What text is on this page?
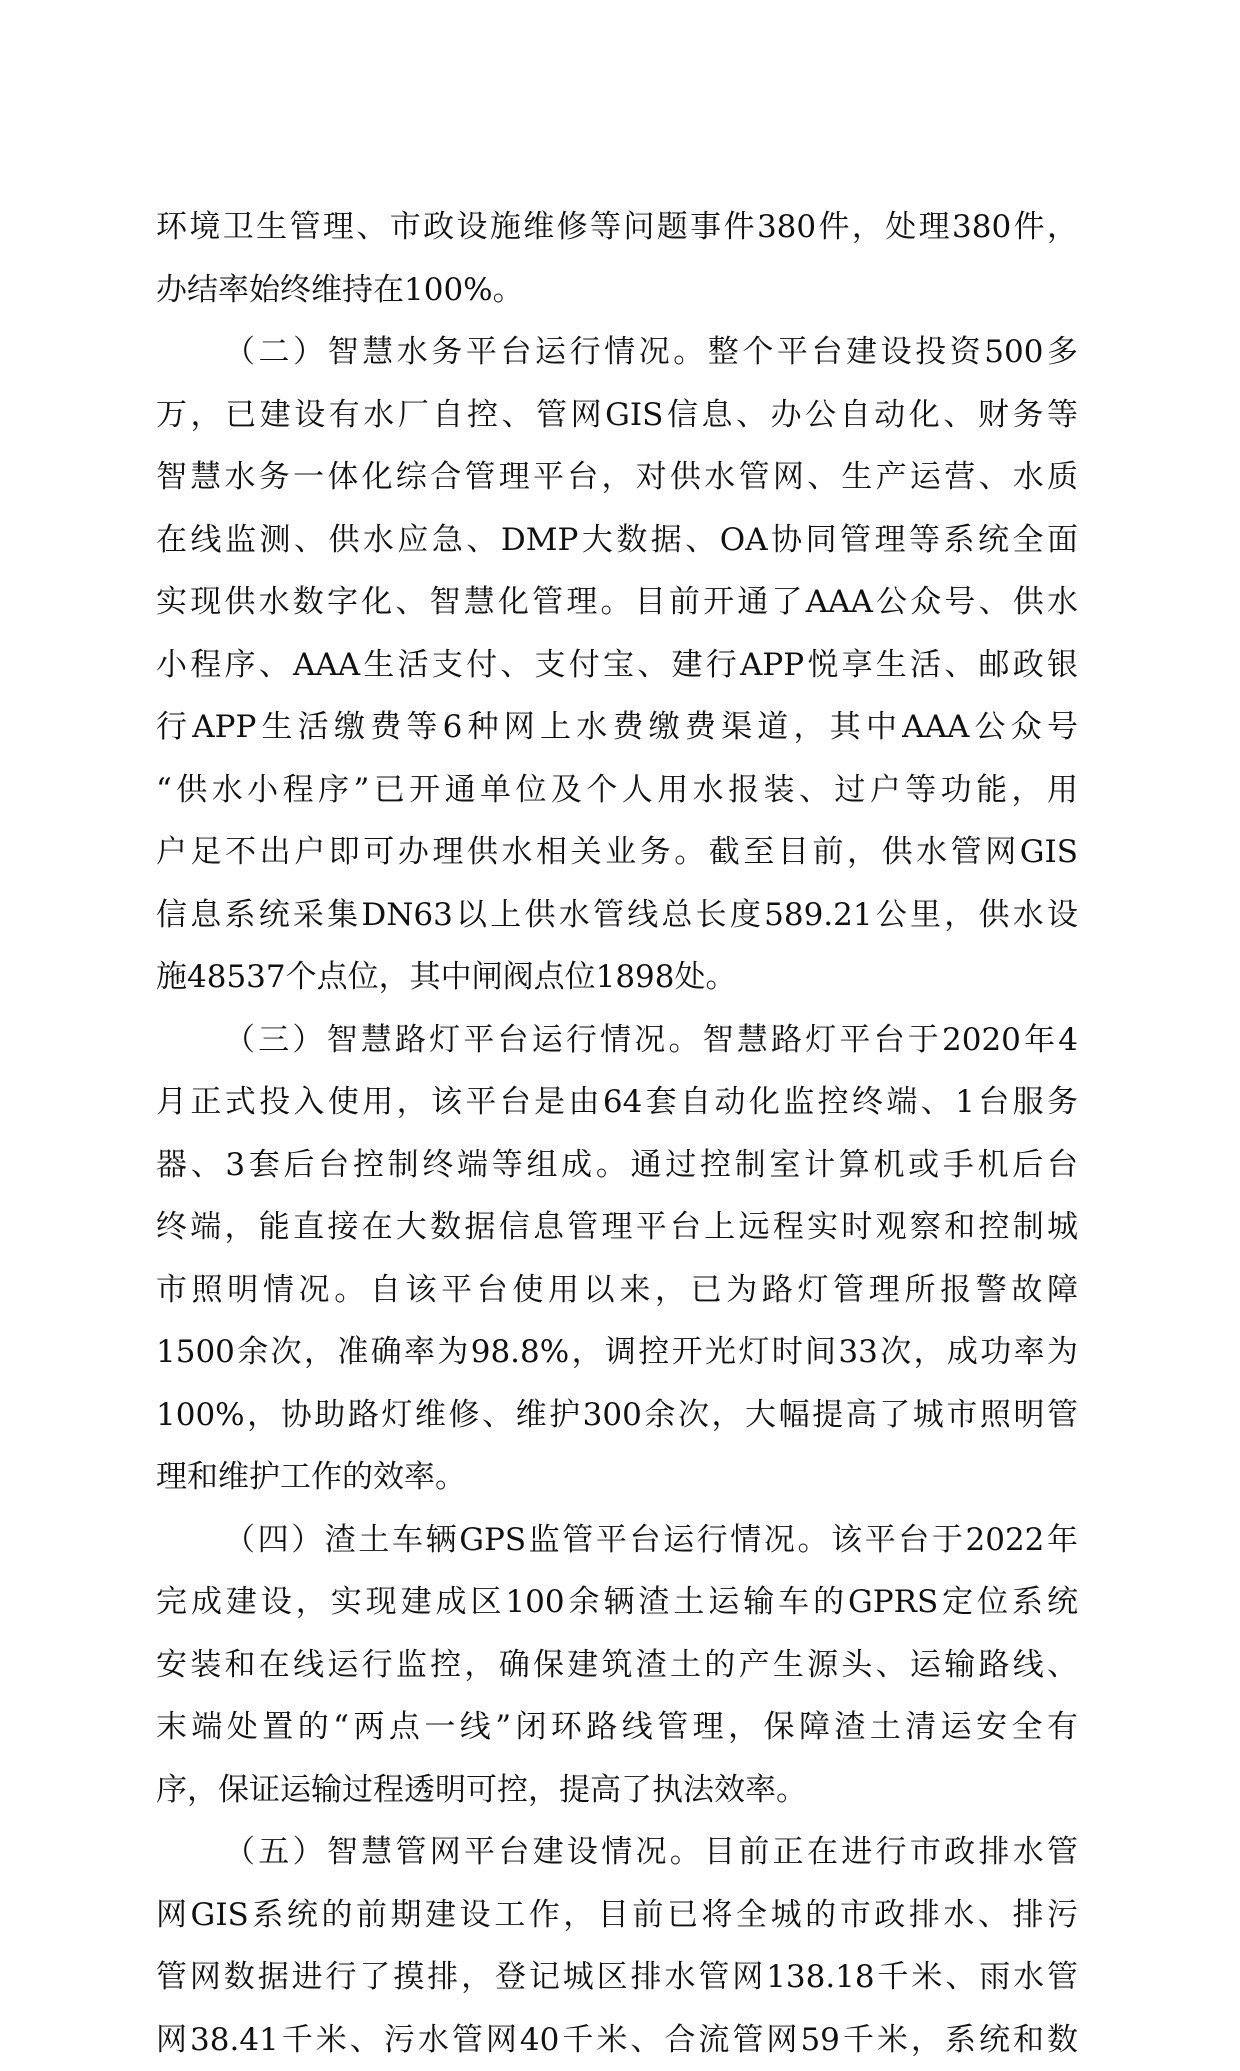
环境卫生管理、市政设施维修等问题事件380件，处理380件，
办结率始终维持在100%。
（二）智慧水务平台运行情况。整个平台建设投资500多
万，已建设有水厂自控、管网GIS信息、办公自动化、财务等
智慧水务一体化综合管理平台，对供水管网、生产运营、水质
在线监测、供水应急、DMP大数据、OA协同管理等系统全面
实现供水数字化、智慧化管理。目前开通了AAA公众号、供水
小程序、AAA生活支付、支付宝、建行APP悦享生活、邮政银
行APP生活缴费等6种网上水费缴费渠道，其中AAA公众号
“供水小程序”已开通单位及个人用水报装、过户等功能，用
户足不出户即可办理供水相关业务。截至目前，供水管网GIS
信息系统采集DN63以上供水管线总长度589.21公里，供水设
施48537个点位，其中闸阀点位1898处。
（三）智慧路灯平台运行情况。智慧路灯平台于2020年4
月正式投入使用，该平台是由64套自动化监控终端、1台服务
器、3套后台控制终端等组成。通过控制室计算机或手机后台
终端，能直接在大数据信息管理平台上远程实时观察和控制城
市照明情况。自该平台使用以来，已为路灯管理所报警故障
1500余次，准确率为98.8%，调控开光灯时间33次，成功率为
100%，协助路灯维修、维护300余次，大幅提高了城市照明管
理和维护工作的效率。
（四）渣土车辆GPS监管平台运行情况。该平台于2022年
完成建设，实现建成区100余辆渣土运输车的GPRS定位系统
安装和在线运行监控，确保建筑渣土的产生源头、运输路线、
末端处置的“两点一线”闭环路线管理，保障渣土清运安全有
序，保证运输过程透明可控，提高了执法效率。
（五）智慧管网平台建设情况。目前正在进行市政排水管
网GIS系统的前期建设工作，目前已将全城的市政排水、排污
管网数据进行了摸排，登记城区排水管网138.18千米、雨水管
网38.41千米、污水管网40千米、合流管网59千米，系统和数
